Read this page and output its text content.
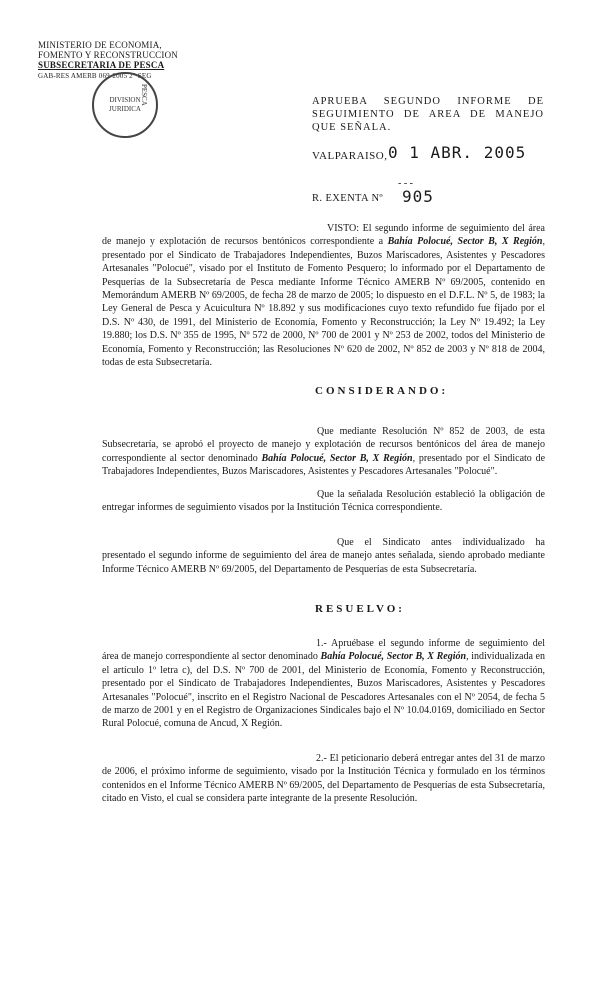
MINISTERIO DE ECONOMIA,
FOMENTO Y RECONSTRUCCION
SUBSECRETARIA DE PESCA
GAB-RES AMERB 069-2005 2° SEG
DIVISION
JURIDICA
PESCA	APRUEBA SEGUNDO INFORME DE SEGUIMIENTO DE AREA DE MANEJO QUE SEÑALA.
VALPARAISO, 0 1 ABR. 2005
- - -
R. EXENTA Nº 905
VISTO: El segundo informe de seguimiento del área de manejo y explotación de recursos bentónicos correspondiente a Bahía Polocué, Sector B, X Región, presentado por el Sindicato de Trabajadores Independientes, Buzos Mariscadores, Asistentes y Pescadores Artesanales "Polocué", visado por el Instituto de Fomento Pesquero; lo informado por el Departamento de Pesquerías de la Subsecretaría de Pesca mediante Informe Técnico AMERB Nº 69/2005, contenido en Memorándum AMERB Nº 69/2005, de fecha 28 de marzo de 2005; lo dispuesto en el D.F.L. Nº 5, de 1983; la Ley General de Pesca y Acuicultura Nº 18.892 y sus modificaciones cuyo texto refundido fue fijado por el D.S. Nº 430, de 1991, del Ministerio de Economía, Fomento y Reconstrucción; la Ley Nº 19.492; la Ley 19.880; los D.S. Nº 355 de 1995, Nº 572 de 2000, Nº 700 de 2001 y Nº 253 de 2002, todos del Ministerio de Economía, Fomento y Reconstrucción; las Resoluciones Nº 620 de 2002, Nº 852 de 2003 y Nº 818 de 2004, todas de esta Subsecretaría.
CONSIDERANDO:
Que mediante Resolución Nº 852 de 2003, de esta Subsecretaría, se aprobó el proyecto de manejo y explotación de recursos bentónicos del área de manejo correspondiente al sector denominado Bahía Polocué, Sector B, X Región, presentado por el Sindicato de Trabajadores Independientes, Buzos Mariscadores, Asistentes y Pescadores Artesanales "Polocué".
Que la señalada Resolución estableció la obligación de entregar informes de seguimiento visados por la Institución Técnica correspondiente.
Que el Sindicato antes individualizado ha presentado el segundo informe de seguimiento del área de manejo antes señalada, siendo aprobado mediante Informe Técnico AMERB Nº 69/2005, del Departamento de Pesquerías de esta Subsecretaría.
RESUELVO:
1.- Apruébase el segundo informe de seguimiento del área de manejo correspondiente al sector denominado Bahía Polocué, Sector B, X Región, individualizada en el artículo 1º letra c), del D.S. Nº 700 de 2001, del Ministerio de Economía, Fomento y Reconstrucción, presentado por el Sindicato de Trabajadores Independientes, Buzos Mariscadores, Asistentes y Pescadores Artesanales "Polocué", inscrito en el Registro Nacional de Pescadores Artesanales con el Nº 2054, de fecha 5 de marzo de 2001 y en el Registro de Organizaciones Sindicales bajo el Nº 10.04.0169, domiciliado en Sector Rural Polocué, comuna de Ancud, X Región.
2.- El peticionario deberá entregar antes del 31 de marzo de 2006, el próximo informe de seguimiento, visado por la Institución Técnica y formulado en los términos contenidos en el Informe Técnico AMERB Nº 69/2005, del Departamento de Pesquerías de esta Subsecretaría, citado en Visto, el cual se considera parte integrante de la presente Resolución.
